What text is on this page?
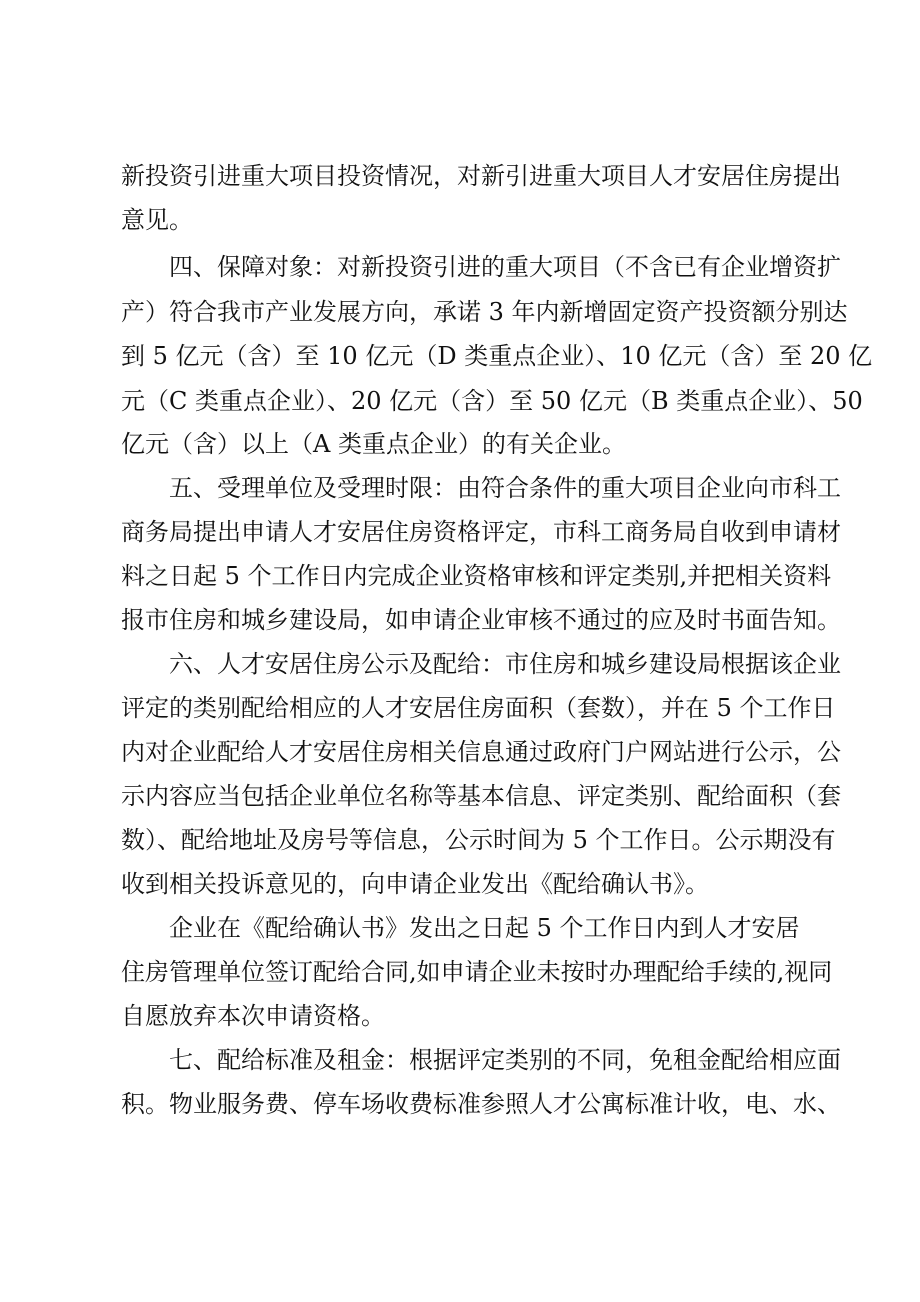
新投资引进重大项目投资情况，对新引进重大项目人才安居住房提出
意见。
四、保障对象：对新投资引进的重大项目（不含已有企业增资扩
产）符合我市产业发展方向，承诺 3 年内新增固定资产投资额分别达
到 5 亿元（含）至 10 亿元（D 类重点企业）、10 亿元（含）至 20 亿
元（C 类重点企业）、20 亿元（含）至 50 亿元（B 类重点企业）、50
亿元（含）以上（A 类重点企业）的有关企业。
五、受理单位及受理时限：由符合条件的重大项目企业向市科工
商务局提出申请人才安居住房资格评定，市科工商务局自收到申请材
料之日起 5 个工作日内完成企业资格审核和评定类别,并把相关资料
报市住房和城乡建设局，如申请企业审核不通过的应及时书面告知。
六、人才安居住房公示及配给：市住房和城乡建设局根据该企业
评定的类别配给相应的人才安居住房面积（套数），并在 5 个工作日
内对企业配给人才安居住房相关信息通过政府门户网站进行公示，公
示内容应当包括企业单位名称等基本信息、评定类别、配给面积（套
数）、配给地址及房号等信息，公示时间为 5 个工作日。公示期没有
收到相关投诉意见的，向申请企业发出《配给确认书》。
企业在《配给确认书》发出之日起 5 个工作日内到人才安居
住房管理单位签订配给合同,如申请企业未按时办理配给手续的,视同
自愿放弃本次申请资格。
七、配给标准及租金：根据评定类别的不同，免租金配给相应面
积。物业服务费、停车场收费标准参照人才公寓标准计收，电、水、
